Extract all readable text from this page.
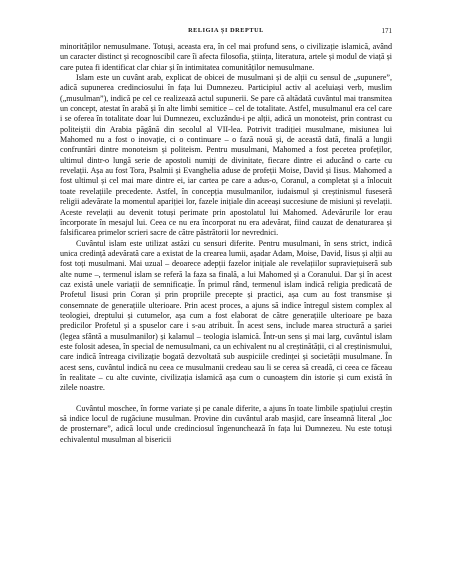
RELIGIA ȘI DREPTUL	171

minorităților nemusulmane. Totuși, aceasta era, în cel mai profund sens, o civilizație islamică, având un caracter distinct și recognoscibil care îi afecta filosofia, știința, literatura, artele și modul de viață și care putea fi identificat clar chiar și în intimitatea comunităților nemusulmane.

Islam este un cuvânt arab, explicat de obicei de musulmani și de alții cu sensul de „supunere”, adică supunerea credinciosului în fața lui Dumnezeu. Participiul activ al aceluiași verb, muslim („musulman”), indică pe cel ce realizează actul supunerii. Se pare că altădată cuvântul mai transmitea un concept, atestat în arabă și în alte limbi semitice – cel de totalitate. Astfel, musulmanul era cel care i se oferea în totalitate doar lui Dumnezeu, excluzându-i pe alții, adică un monoteist, prin contrast cu politeiștii din Arabia păgână din secolul al VII-lea. Potrivit tradiției musulmane, misiunea lui Mahomed nu a fost o inovație, ci o continuare – o fază nouă și, de această dată, finală a lungii confruntări dintre monoteism și politeism. Pentru musulmani, Mahomed a fost pecetea profeților, ultimul dintr-o lungă serie de apostoli numiți de divinitate, fiecare dintre ei aducând o carte cu revelații. Așa au fost Tora, Psalmii și Evanghelia aduse de profeții Moise, David și Iisus. Mahomed a fost ultimul și cel mai mare dintre ei, iar cartea pe care a adus-o, Coranul, a completat și a înlocuit toate revelațiile precedente. Astfel, în concepția musulmanilor, iudaismul și creștinismul fuseseră religii adevărate la momentul apariției lor, fazele inițiale din aceeași succesiune de misiuni și revelații. Aceste revelații au devenit totuși perimate prin apostolatul lui Mahomed. Adevărurile lor erau încorporate în mesajul lui. Ceea ce nu era încorporat nu era adevărat, fiind cauzat de denaturarea și falsificarea primelor scrieri sacre de către păstrătorii lor nevrednici.

Cuvântul islam este utilizat astăzi cu sensuri diferite. Pentru musulmani, în sens strict, indică unica credință adevărată care a existat de la crearea lumii, așadar Adam, Moise, David, Iisus și alții au fost toți musulmani. Mai uzual – deoarece adepții fazelor inițiale ale revelațiilor supraviețuiseră sub alte nume –, termenul islam se referă la faza sa finală, a lui Mahomed și a Coranului. Dar și în acest caz există unele variații de semnificație. În primul rând, termenul islam indică religia predicată de Profetul Iisusi prin Coran și prin propriile precepte și practici, așa cum au fost transmise și consemnate de generațiile ulterioare. Prin acest proces, a ajuns să indice întregul sistem complex al teologiei, dreptului și cutumelor, așa cum a fost elaborat de către generațiile ulterioare pe baza predicilor Profetul și a spuselor care i s-au atribuit. În acest sens, include marea structură a șariei (legea sfântă a musulmanilor) și kalamul – teologia islamică. Într-un sens și mai larg, cuvântul islam este folosit adesea, în special de nemusulmani, ca un echivalent nu al creștinătății, ci al creștinismului, care indică întreaga civilizație bogată dezvoltată sub auspiciile credinței și societății musulmane. În acest sens, cuvântul indică nu ceea ce musulmanii credeau sau li se cerea să creadă, ci ceea ce făceau în realitate – cu alte cuvinte, civilizația islamică așa cum o cunoaștem din istorie și cum există în zilele noastre.

Cuvântul moschee, în forme variate și pe canale diferite, a ajuns în toate limbile spațiului creștin să indice locul de rugăciune musulman. Provine din cuvântul arab masjid, care înseamnă literal „loc de prosternare”, adică locul unde credinciosul îngenunchează în fața lui Dumnezeu. Nu este totuși echivalentul musulman al bisericii
